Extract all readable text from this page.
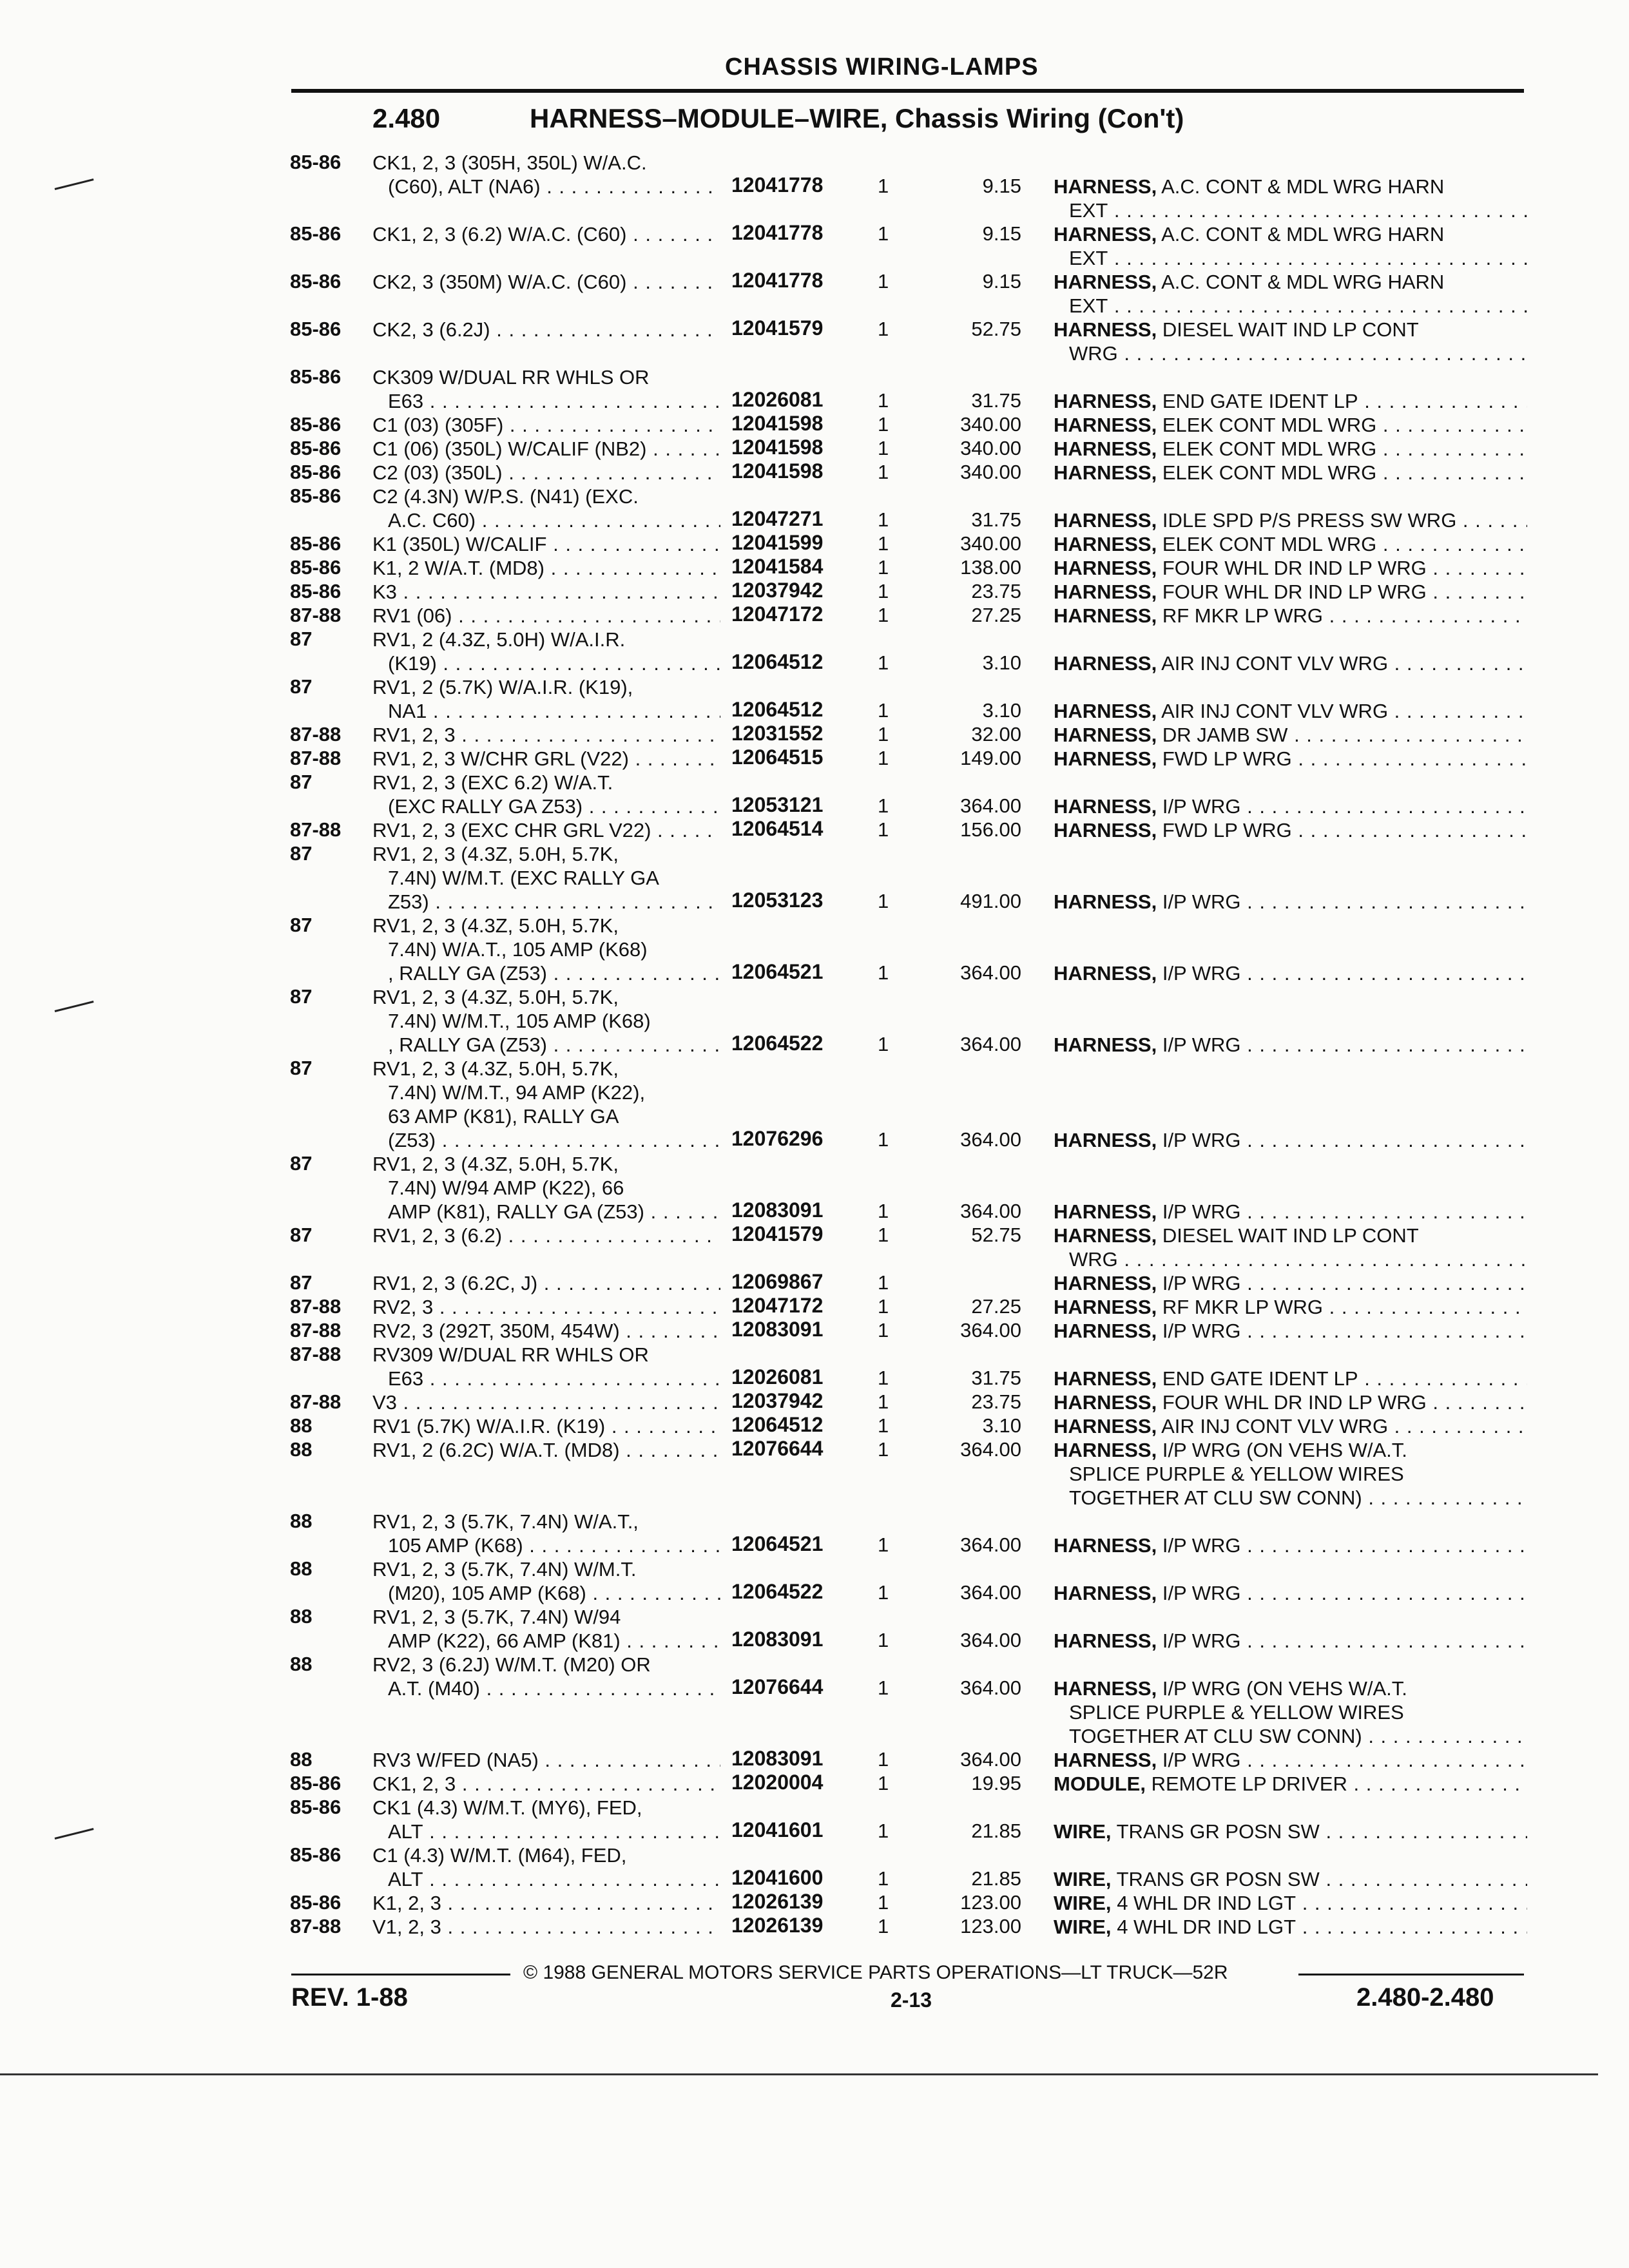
CHASSIS WIRING-LAMPS
2.480	HARNESS–MODULE–WIRE, Chassis Wiring (Con't)
85-86	CK1, 2, 3 (305H, 350L) W/A.C.
(C60), ALT (NA6) . . .	12041778	1	9.15 HARNESS, A.C. CONT & MDL WRG HARN
EXT . . .
85-86	CK1, 2, 3 (6.2) W/A.C. (C60) . . .	12041778	1	9.15 HARNESS, A.C. CONT & MDL WRG HARN
EXT . . .
85-86	CK2, 3 (350M) W/A.C. (C60) . . .	12041778	1	9.15 HARNESS, A.C. CONT & MDL WRG HARN
EXT . . .
85-86	CK2, 3 (6.2J) . . .	12041579	1	52.75 HARNESS, DIESEL WAIT IND LP CONT
WRG . . .
85-86	CK309 W/DUAL RR WHLS OR
E63 . . .	12026081	1	31.75 HARNESS, END GATE IDENT LP . . .
85-86	C1 (03) (305F) . . .	12041598	1	340.00 HARNESS, ELEK CONT MDL WRG . . .
85-86	C1 (06) (350L) W/CALIF (NB2) . . .	12041598	1	340.00 HARNESS, ELEK CONT MDL WRG . . .
85-86	C2 (03) (350L) . . .	12041598	1	340.00 HARNESS, ELEK CONT MDL WRG . . .
85-86	C2 (4.3N) W/P.S. (N41) (EXC.
A.C. C60) . . .	12047271	1	31.75 HARNESS, IDLE SPD P/S PRESS SW WRG . . .
85-86	K1 (350L) W/CALIF . . .	12041599	1	340.00 HARNESS, ELEK CONT MDL WRG . . .
85-86	K1, 2 W/A.T. (MD8) . . .	12041584	1	138.00 HARNESS, FOUR WHL DR IND LP WRG . . .
85-86	K3 . . .	12037942	1	23.75 HARNESS, FOUR WHL DR IND LP WRG . . .
87-88	RV1 (06) . . .	12047172	1	27.25 HARNESS, RF MKR LP WRG . . .
87	RV1, 2 (4.3Z, 5.0H) W/A.I.R.
(K19) . . .	12064512	1	3.10 HARNESS, AIR INJ CONT VLV WRG . . .
87	RV1, 2 (5.7K) W/A.I.R. (K19),
NA1 . . .	12064512	1	3.10 HARNESS, AIR INJ CONT VLV WRG . . .
87-88	RV1, 2, 3 . . .	12031552	1	32.00 HARNESS, DR JAMB SW . . .
87-88	RV1, 2, 3 W/CHR GRL (V22) . . .	12064515	1	149.00 HARNESS, FWD LP WRG . . .
87	RV1, 2, 3 (EXC 6.2) W/A.T.
(EXC RALLY GA Z53) . . .	12053121	1	364.00 HARNESS, I/P WRG . . .
87-88	RV1, 2, 3 (EXC CHR GRL V22) . . .	12064514	1	156.00 HARNESS, FWD LP WRG . . .
87	RV1, 2, 3 (4.3Z, 5.0H, 5.7K,
7.4N) W/M.T. (EXC RALLY GA
Z53) . . .	12053123	1	491.00 HARNESS, I/P WRG . . .
87	RV1, 2, 3 (4.3Z, 5.0H, 5.7K,
7.4N) W/A.T., 105 AMP (K68)
, RALLY GA (Z53) . . .	12064521	1	364.00 HARNESS, I/P WRG . . .
87	RV1, 2, 3 (4.3Z, 5.0H, 5.7K,
7.4N) W/M.T., 105 AMP (K68)
, RALLY GA (Z53) . . .	12064522	1	364.00 HARNESS, I/P WRG . . .
87	RV1, 2, 3 (4.3Z, 5.0H, 5.7K,
7.4N) W/M.T., 94 AMP (K22),
63 AMP (K81), RALLY GA
(Z53) . . .	12076296	1	364.00 HARNESS, I/P WRG . . .
87	RV1, 2, 3 (4.3Z, 5.0H, 5.7K,
7.4N) W/94 AMP (K22), 66
AMP (K81), RALLY GA (Z53) . . .	12083091	1	364.00 HARNESS, I/P WRG . . .
87	RV1, 2, 3 (6.2) . . .	12041579	1	52.75 HARNESS, DIESEL WAIT IND LP CONT
WRG . . .
87	RV1, 2, 3 (6.2C, J) . . .	12069867	1	HARNESS, I/P WRG . . .
87-88	RV2, 3 . . .	12047172	1	27.25 HARNESS, RF MKR LP WRG . . .
87-88	RV2, 3 (292T, 350M, 454W) . . .	12083091	1	364.00 HARNESS, I/P WRG . . .
87-88	RV309 W/DUAL RR WHLS OR
E63 . . .	12026081	1	31.75 HARNESS, END GATE IDENT LP . . .
87-88	V3 . . .	12037942	1	23.75 HARNESS, FOUR WHL DR IND LP WRG . . .
88	RV1 (5.7K) W/A.I.R. (K19) . . .	12064512	1	3.10 HARNESS, AIR INJ CONT VLV WRG . . .
88	RV1, 2 (6.2C) W/A.T. (MD8) . . .	12076644	1	364.00 HARNESS, I/P WRG (ON VEHS W/A.T.
SPLICE PURPLE & YELLOW WIRES
TOGETHER AT CLU SW CONN) . . .
88	RV1, 2, 3 (5.7K, 7.4N) W/A.T.,
105 AMP (K68) . . .	12064521	1	364.00 HARNESS, I/P WRG . . .
88	RV1, 2, 3 (5.7K, 7.4N) W/M.T.
(M20), 105 AMP (K68) . . .	12064522	1	364.00 HARNESS, I/P WRG . . .
88	RV1, 2, 3 (5.7K, 7.4N) W/94
AMP (K22), 66 AMP (K81) . . .	12083091	1	364.00 HARNESS, I/P WRG . . .
88	RV2, 3 (6.2J) W/M.T. (M20) OR
A.T. (M40) . . .	12076644	1	364.00 HARNESS, I/P WRG (ON VEHS W/A.T.
SPLICE PURPLE & YELLOW WIRES
TOGETHER AT CLU SW CONN) . . .
88	RV3 W/FED (NA5) . . .	12083091	1	364.00 HARNESS, I/P WRG . . .
85-86	CK1, 2, 3 . . .	12020004	1	19.95 MODULE, REMOTE LP DRIVER . . .
85-86	CK1 (4.3) W/M.T. (MY6), FED,
ALT . . .	12041601	1	21.85 WIRE, TRANS GR POSN SW . . .
85-86	C1 (4.3) W/M.T. (M64), FED,
ALT . . .	12041600	1	21.85 WIRE, TRANS GR POSN SW . . .
85-86	K1, 2, 3 . . .	12026139	1	123.00 WIRE, 4 WHL DR IND LGT . . .
87-88	V1, 2, 3 . . .	12026139	1	123.00 WIRE, 4 WHL DR IND LGT . . .
© 1988 GENERAL MOTORS SERVICE PARTS OPERATIONS—LT TRUCK—52R
REV. 1-88	2-13	2.480-2.480
